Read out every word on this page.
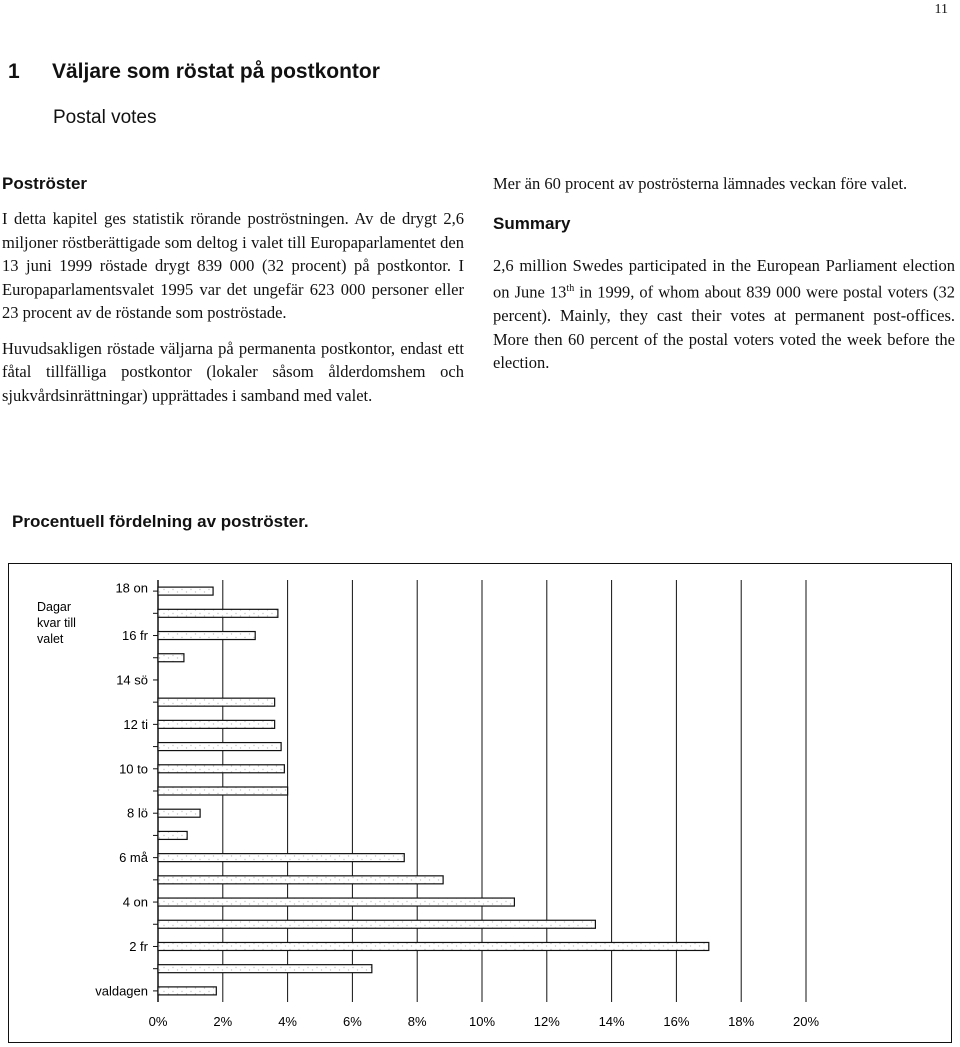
11
1 Väljare som röstat på postkontor
Postal votes
Poströster

I detta kapitel ges statistik rörande poströstningen. Av de drygt 2,6 miljoner röstberättigade som deltog i valet till Europaparlamentet den 13 juni 1999 röstade drygt 839 000 (32 procent) på postkontor. I Europaparlamentsvalet 1995 var det ungefär 623 000 personer eller 23 procent av de röstande som poströstade.

Huvudsakligen röstade väljarna på permanenta postkontor, endast ett fåtal tillfälliga postkontor (lokaler såsom ålderdomshem och sjukvårdsinrättningar) upprättades i samband med valet.

Mer än 60 procent av poströsterna lämnades veckan före valet.

Summary

2,6 million Swedes participated in the European Parliament election on June 13th in 1999, of whom about 839 000 were postal voters (32 percent). Mainly, they cast their votes at permanent post-offices. More then 60 percent of the postal voters voted the week before the election.

Procentuell fördelning av poströster.
Dagar
kvar till
valet
18 on
16 fr
14 sö
12 ti
10 to
8 lö
6 må
4 on
2 fr
valdagen
0%	2%	4%	6%	8%	10%	12%	14%	16%	18%	20%
